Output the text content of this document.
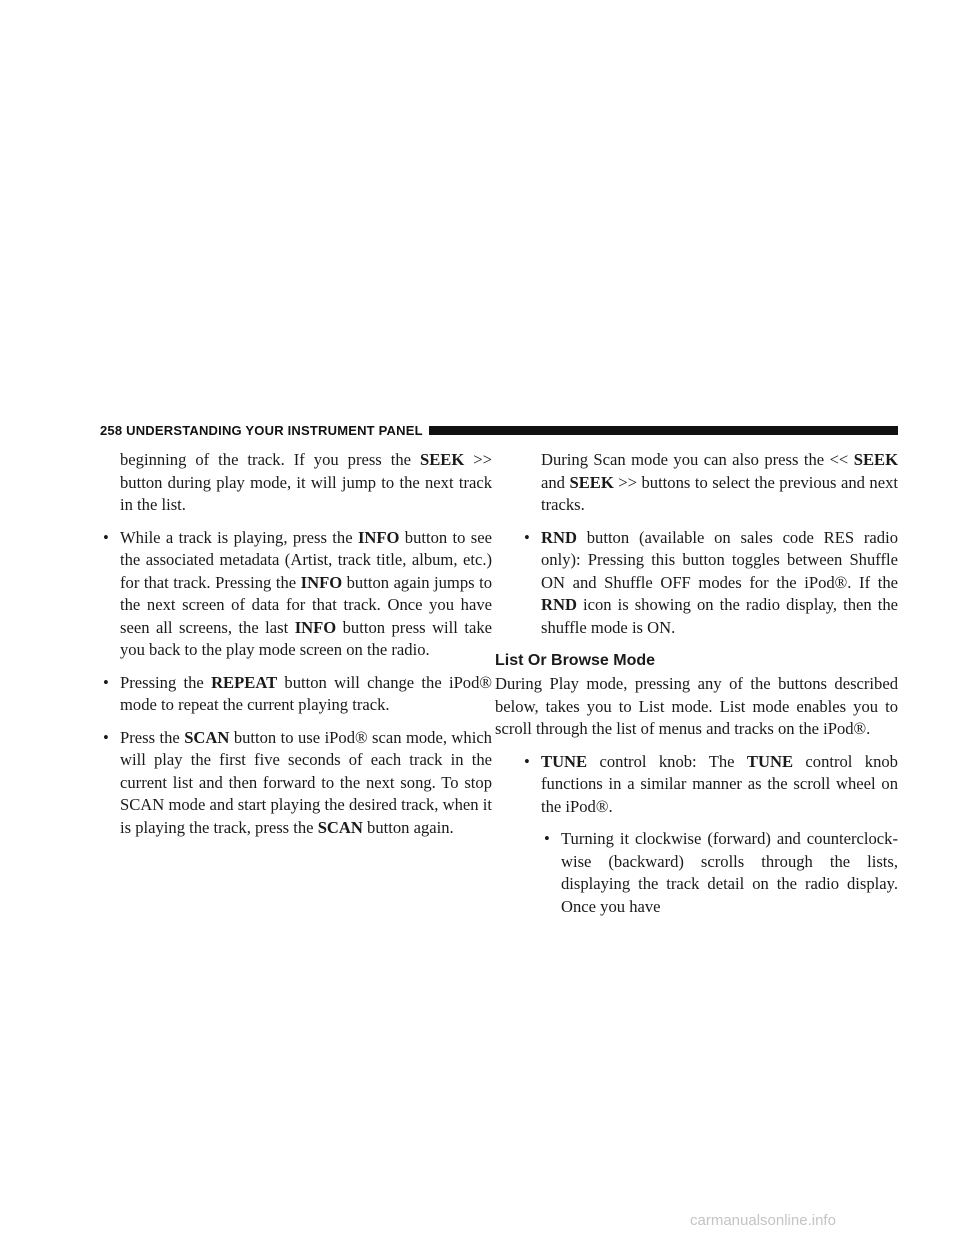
258 UNDERSTANDING YOUR INSTRUMENT PANEL

beginning of the track. If you press the SEEK >> button during play mode, it will jump to the next track in the list.

• While a track is playing, press the INFO button to see the associated metadata (Artist, track title, album, etc.) for that track. Pressing the INFO button again jumps to the next screen of data for that track. Once you have seen all screens, the last INFO button press will take you back to the play mode screen on the radio.

• Pressing the REPEAT button will change the iPod® mode to repeat the current playing track.

• Press the SCAN button to use iPod® scan mode, which will play the first five seconds of each track in the current list and then forward to the next song. To stop SCAN mode and start playing the desired track, when it is playing the track, press the SCAN button again.

During Scan mode you can also press the << SEEK and SEEK >> buttons to select the previous and next tracks.

• RND button (available on sales code RES radio only): Pressing this button toggles between Shuffle ON and Shuffle OFF modes for the iPod®. If the RND icon is showing on the radio display, then the shuffle mode is ON.

List Or Browse Mode

During Play mode, pressing any of the buttons described below, takes you to List mode. List mode enables you to scroll through the list of menus and tracks on the iPod®.

• TUNE control knob: The TUNE control knob functions in a similar manner as the scroll wheel on the iPod®.

• Turning it clockwise (forward) and counterclock-wise (backward) scrolls through the lists, displaying the track detail on the radio display. Once you have

carmanualsonline.info
